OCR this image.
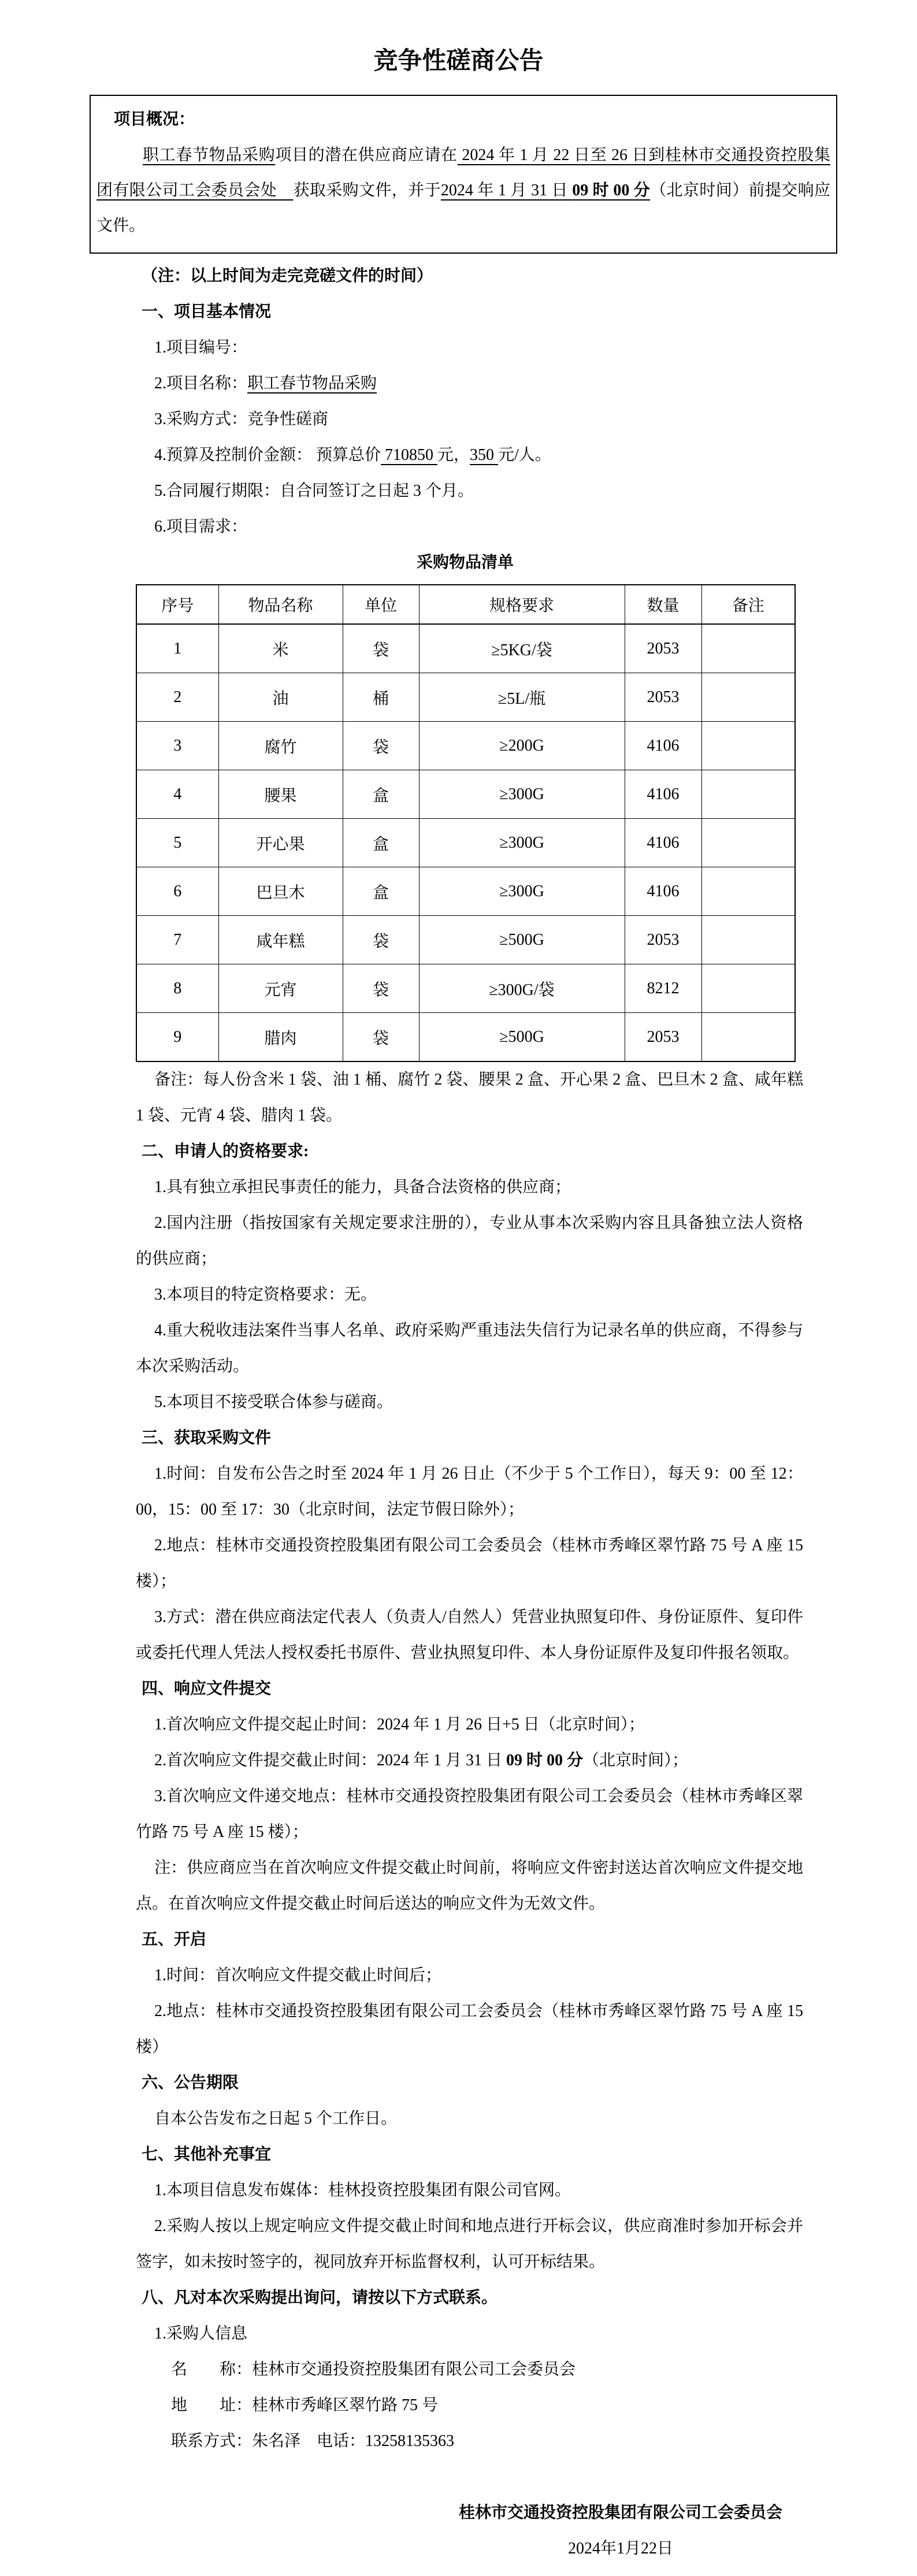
竞争性磋商公告

项目概况：

职工春节物品采购项目的潜在供应商应请在 2024 年 1 月 22 日至 26 日到桂林市交通投资控股集团有限公司工会委员会处　获取采购文件，并于2024 年 1 月 31 日 09 时 00 分（北京时间）前提交响应文件。

（注：以上时间为走完竞磋文件的时间）

一、项目基本情况

1.项目编号：

2.项目名称：职工春节物品采购

3.采购方式：竞争性磋商

4.预算及控制价金额： 预算总价 710850 元，350 元/人。

5.合同履行期限：自合同签订之日起 3 个月。

6.项目需求：

采购物品清单

序号	物品名称	单位	规格要求	数量	备注
1	米	袋	≥5KG/袋	2053	
2	油	桶	≥5L/瓶	2053	
3	腐竹	袋	≥200G	4106	
4	腰果	盒	≥300G	4106	
5	开心果	盒	≥300G	4106	
6	巴旦木	盒	≥300G	4106	
7	咸年糕	袋	≥500G	2053	
8	元宵	袋	≥300G/袋	8212	
9	腊肉	袋	≥500G	2053	

备注：每人份含米 1 袋、油 1 桶、腐竹 2 袋、腰果 2 盒、开心果 2 盒、巴旦木 2 盒、咸年糕 1 袋、元宵 4 袋、腊肉 1 袋。

二、申请人的资格要求:

1.具有独立承担民事责任的能力，具备合法资格的供应商；

2.国内注册（指按国家有关规定要求注册的），专业从事本次采购内容且具备独立法人资格的供应商；

3.本项目的特定资格要求：无。

4.重大税收违法案件当事人名单、政府采购严重违法失信行为记录名单的供应商，不得参与本次采购活动。

5.本项目不接受联合体参与磋商。

三、获取采购文件

1.时间：自发布公告之时至 2024 年 1 月 26 日止（不少于 5 个工作日），每天 9：00 至 12：00，15：00 至 17：30（北京时间，法定节假日除外）；

2.地点：桂林市交通投资控股集团有限公司工会委员会（桂林市秀峰区翠竹路 75 号 A 座 15 楼）；

3.方式：潜在供应商法定代表人（负责人/自然人）凭营业执照复印件、身份证原件、复印件或委托代理人凭法人授权委托书原件、营业执照复印件、本人身份证原件及复印件报名领取。

四、响应文件提交

1.首次响应文件提交起止时间：2024 年 1 月 26 日+5 日（北京时间）；

2.首次响应文件提交截止时间：2024 年 1 月 31 日 09 时 00 分（北京时间）；

3.首次响应文件递交地点：桂林市交通投资控股集团有限公司工会委员会（桂林市秀峰区翠竹路 75 号 A 座 15 楼）；

注：供应商应当在首次响应文件提交截止时间前，将响应文件密封送达首次响应文件提交地点。在首次响应文件提交截止时间后送达的响应文件为无效文件。

五、开启

1.时间：首次响应文件提交截止时间后；

2.地点：桂林市交通投资控股集团有限公司工会委员会（桂林市秀峰区翠竹路 75 号 A 座 15 楼）

六、公告期限

自本公告发布之日起 5 个工作日。

七、其他补充事宜

1.本项目信息发布媒体：桂林投资控股集团有限公司官网。

2.采购人按以上规定响应文件提交截止时间和地点进行开标会议，供应商准时参加开标会并签字，如未按时签字的，视同放弃开标监督权利，认可开标结果。

八、凡对本次采购提出询问，请按以下方式联系。

1.采购人信息

名　　称：桂林市交通投资控股集团有限公司工会委员会

地　　址：桂林市秀峰区翠竹路 75 号

联系方式：朱名泽　电话：13258135363

桂林市交通投资控股集团有限公司工会委员会

2024年1月22日
